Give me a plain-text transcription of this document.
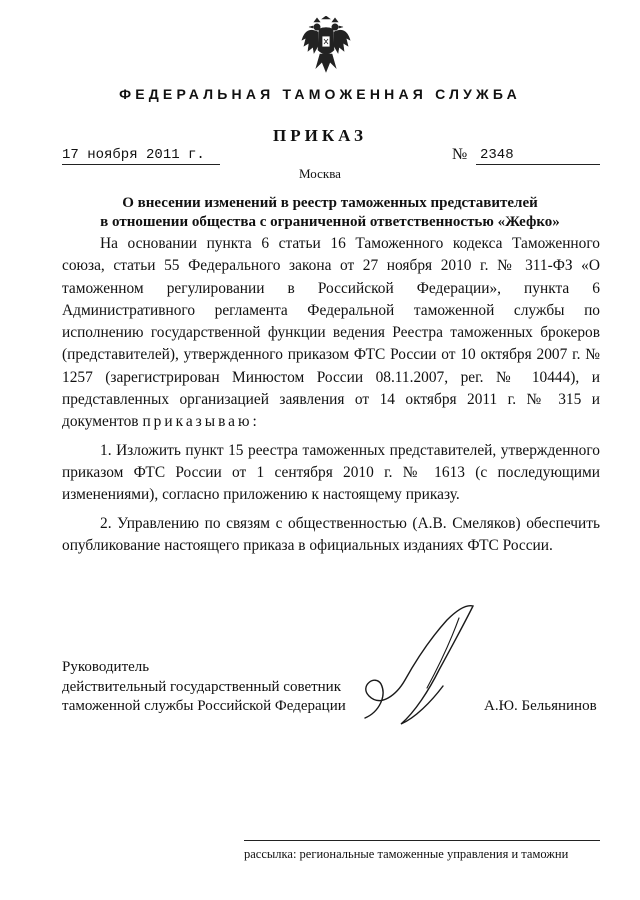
ФЕДЕРАЛЬНАЯ ТАМОЖЕННАЯ СЛУЖБА
ПРИКАЗ
17 ноября 2011 г.	№ 2348
Москва
О внесении изменений в реестр таможенных представителей
в отношении общества с ограниченной ответственностью «Жефко»

На основании пункта 6 статьи 16 Таможенного кодекса Таможенного союза, статьи 55 Федерального закона от 27 ноября 2010 г. № 311-ФЗ «О таможенном регулировании в Российской Федерации», пункта 6 Административного регламента Федеральной таможенной службы по исполнению государственной функции ведения Реестра таможенных брокеров (представителей), утвержденного приказом ФТС России от 10 октября 2007 г. № 1257 (зарегистрирован Минюстом России 08.11.2007, рег. № 10444), и представленных организацией заявления от 14 октября 2011 г. № 315 и документов приказываю:

1. Изложить пункт 15 реестра таможенных представителей, утвержденного приказом ФТС России от 1 сентября 2010 г. № 1613 (с последующими изменениями), согласно приложению к настоящему приказу.

2. Управлению по связям с общественностью (А.В. Смеляков) обеспечить опубликование настоящего приказа в официальных изданиях ФТС России.

Руководитель
действительный государственный советник
таможенной службы Российской Федерации	А.Ю. Бельянинов
рассылка: региональные таможенные управления и таможни
